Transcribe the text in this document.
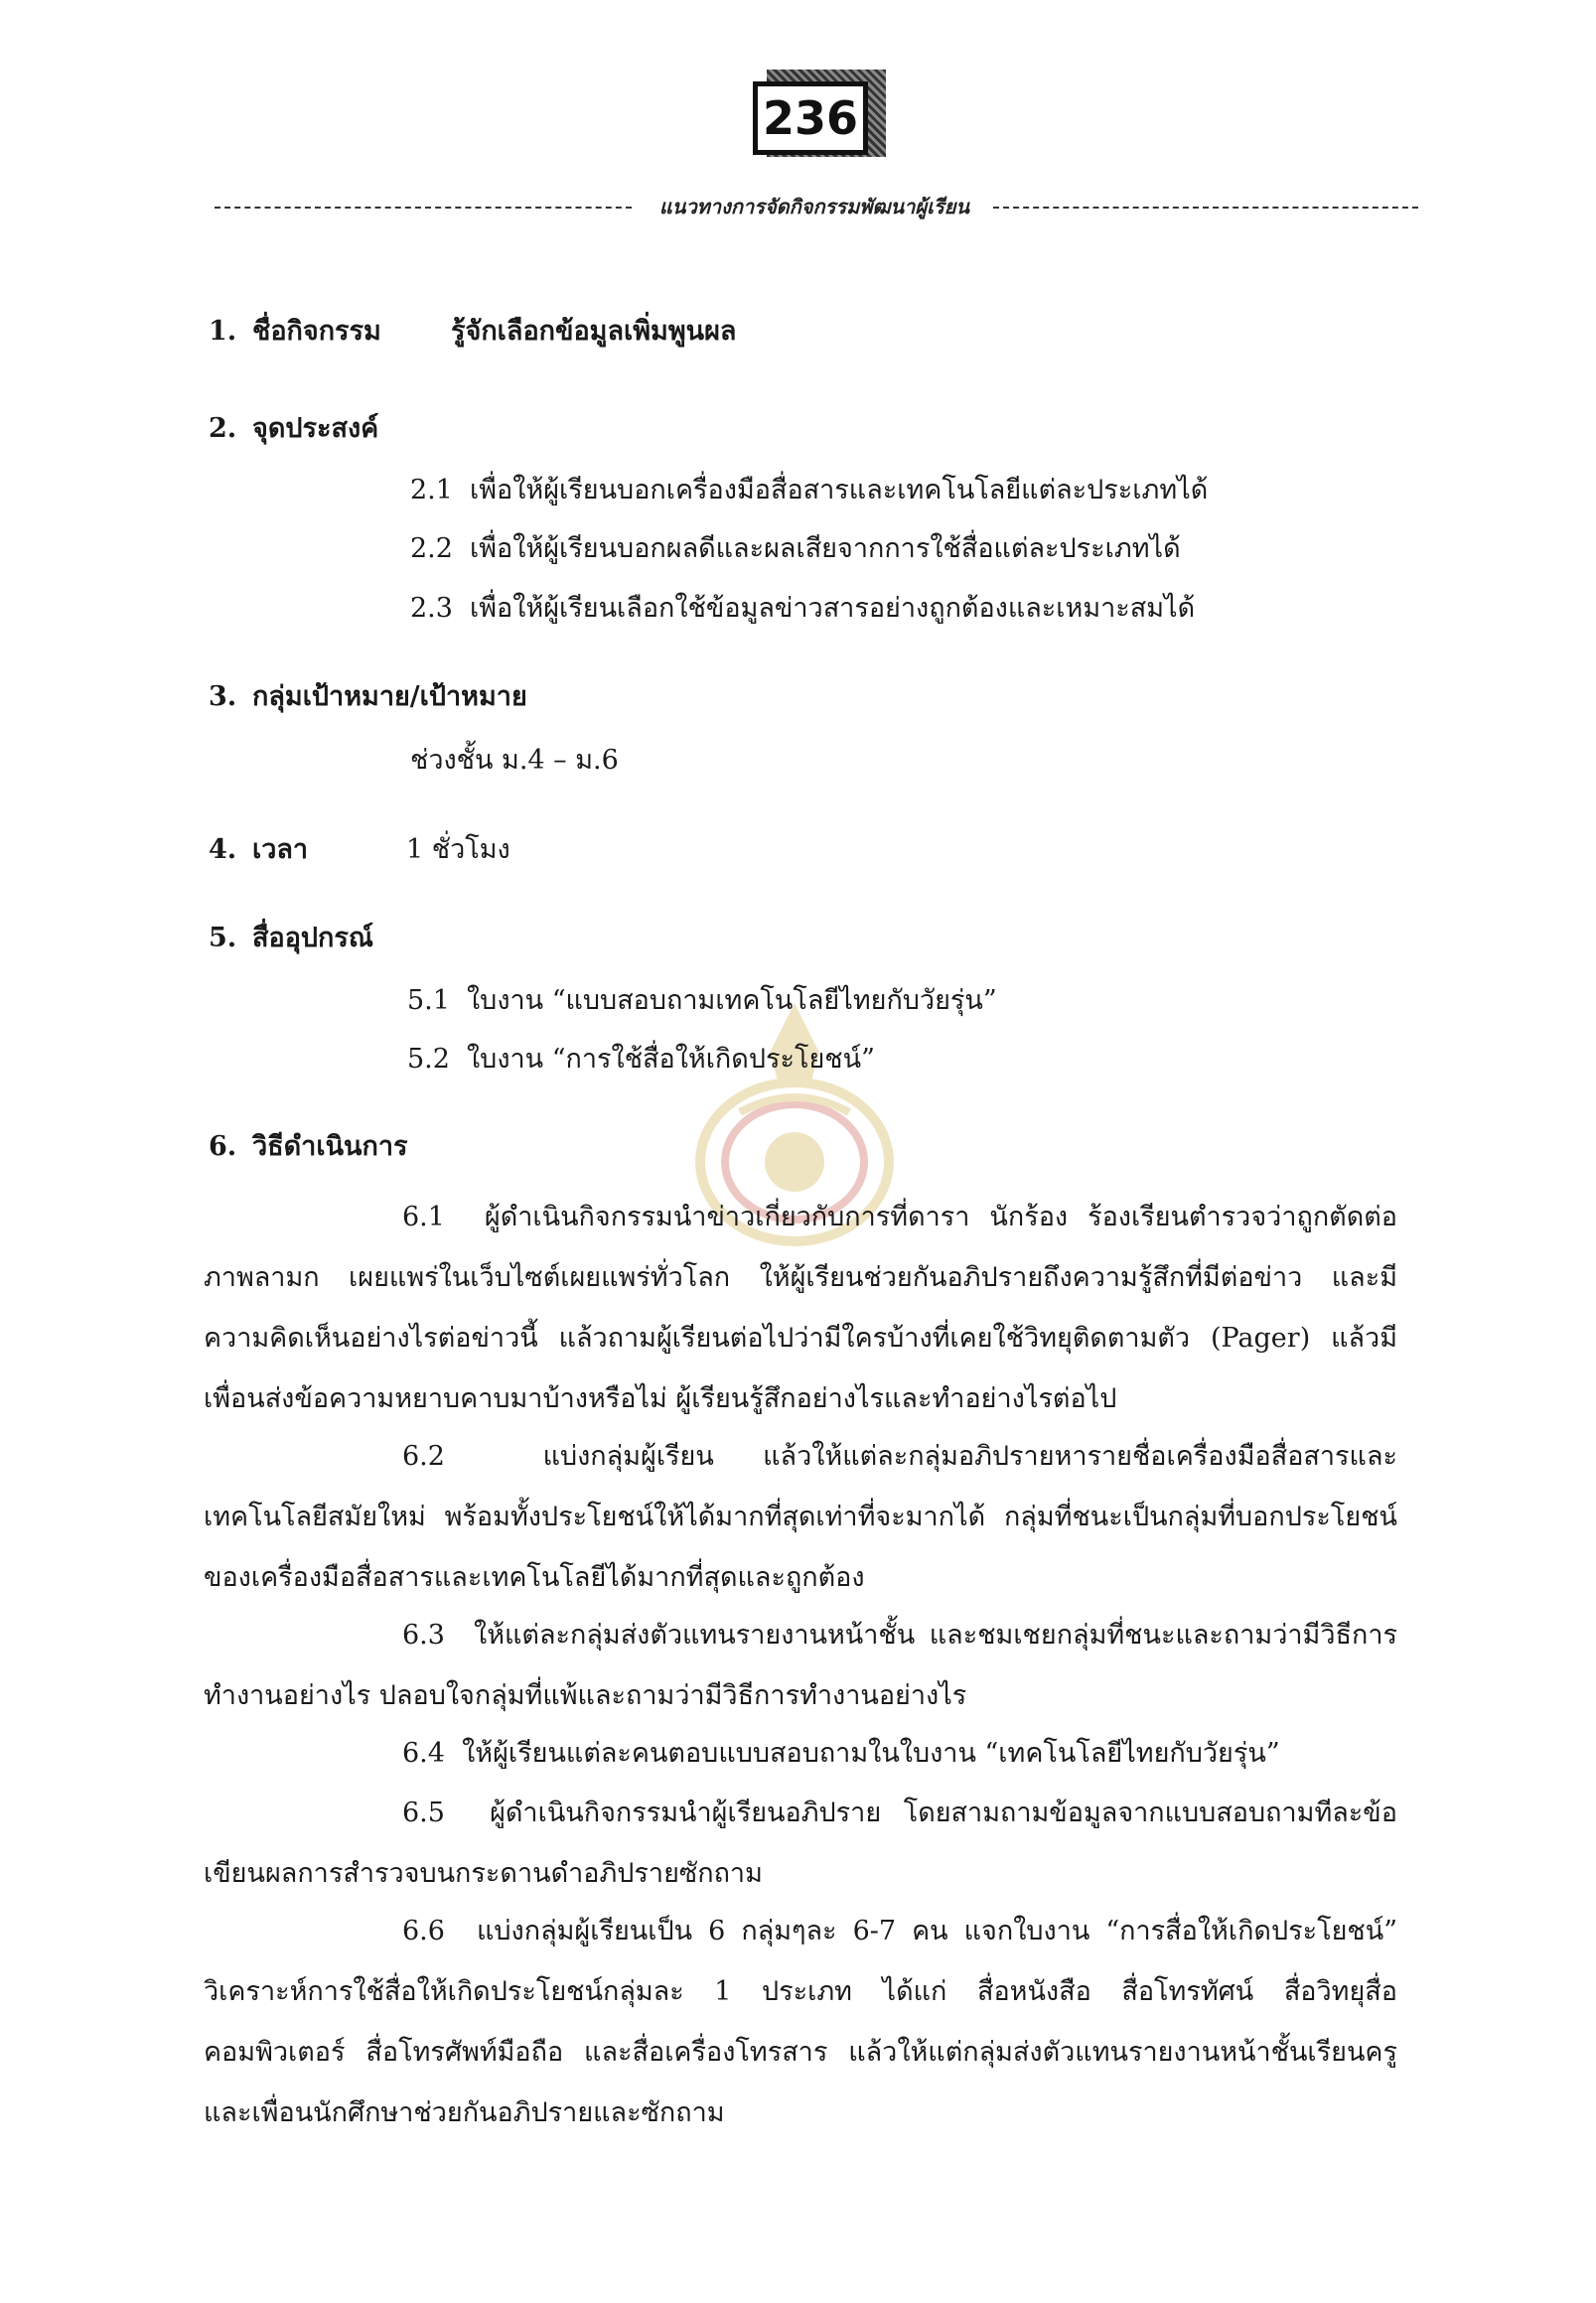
236
แนวทางการจัดกิจกรรมพัฒนาผู้เรียน
1. ชื่อกิจกรรม	รู้จักเลือกข้อมูลเพิ่มพูนผล
2. จุดประสงค์
2.1 เพื่อให้ผู้เรียนบอกเครื่องมือสื่อสารและเทคโนโลยีแต่ละประเภทได้
2.2 เพื่อให้ผู้เรียนบอกผลดีและผลเสียจากการใช้สื่อแต่ละประเภทได้
2.3 เพื่อให้ผู้เรียนเลือกใช้ข้อมูลข่าวสารอย่างถูกต้องและเหมาะสมได้
3. กลุ่มเป้าหมาย/เป้าหมาย
ช่วงชั้น ม.4 – ม.6
4. เวลา	1 ชั่วโมง
5. สื่ออุปกรณ์
5.1 ใบงาน “แบบสอบถามเทคโนโลยีไทยกับวัยรุ่น”
5.2 ใบงาน “การใช้สื่อให้เกิดประโยชน์”
6. วิธีดำเนินการ
6.1 ผู้ดำเนินกิจกรรมนำข่าวเกี่ยวกับการที่ดารา นักร้อง ร้องเรียนตำรวจว่าถูกตัดต่อภาพลามก เผยแพร่ในเว็บไซต์เผยแพร่ทั่วโลก ให้ผู้เรียนช่วยกันอภิปรายถึงความรู้สึกที่มีต่อข่าว และมีความคิดเห็นอย่างไรต่อข่าวนี้ แล้วถามผู้เรียนต่อไปว่ามีใครบ้างที่เคยใช้วิทยุติดตามตัว (Pager) แล้วมีเพื่อนส่งข้อความหยาบคาบมาบ้างหรือไม่ ผู้เรียนรู้สึกอย่างไรและทำอย่างไรต่อไป
6.2	แบ่งกลุ่มผู้เรียน แล้วให้แต่ละกลุ่มอภิปรายหารายชื่อเครื่องมือสื่อสารและเทคโนโลยีสมัยใหม่ พร้อมทั้งประโยชน์ให้ได้มากที่สุดเท่าที่จะมากได้ กลุ่มที่ชนะเป็นกลุ่มที่บอกประโยชน์ของเครื่องมือสื่อสารและเทคโนโลยีได้มากที่สุดและถูกต้อง
6.3 ให้แต่ละกลุ่มส่งตัวแทนรายงานหน้าชั้น และชมเชยกลุ่มที่ชนะและถามว่ามีวิธีการทำงานอย่างไร ปลอบใจกลุ่มที่แพ้และถามว่ามีวิธีการทำงานอย่างไร
6.4 ให้ผู้เรียนแต่ละคนตอบแบบสอบถามในใบงาน “เทคโนโลยีไทยกับวัยรุ่น”
6.5 ผู้ดำเนินกิจกรรมนำผู้เรียนอภิปราย โดยสามถามข้อมูลจากแบบสอบถามทีละข้อเขียนผลการสำรวจบนกระดานดำอภิปรายซักถาม
6.6 แบ่งกลุ่มผู้เรียนเป็น 6 กลุ่มๆละ 6-7 คน แจกใบงาน “การสื่อให้เกิดประโยชน์” วิเคราะห์การใช้สื่อให้เกิดประโยชน์กลุ่มละ 1 ประเภท ได้แก่ สื่อหนังสือ สื่อโทรทัศน์ สื่อวิทยุสื่อคอมพิวเตอร์ สื่อโทรศัพท์มือถือ และสื่อเครื่องโทรสาร แล้วให้แต่กลุ่มส่งตัวแทนรายงานหน้าชั้นเรียนครูและเพื่อนนักศึกษาช่วยกันอภิปรายและซักถาม
